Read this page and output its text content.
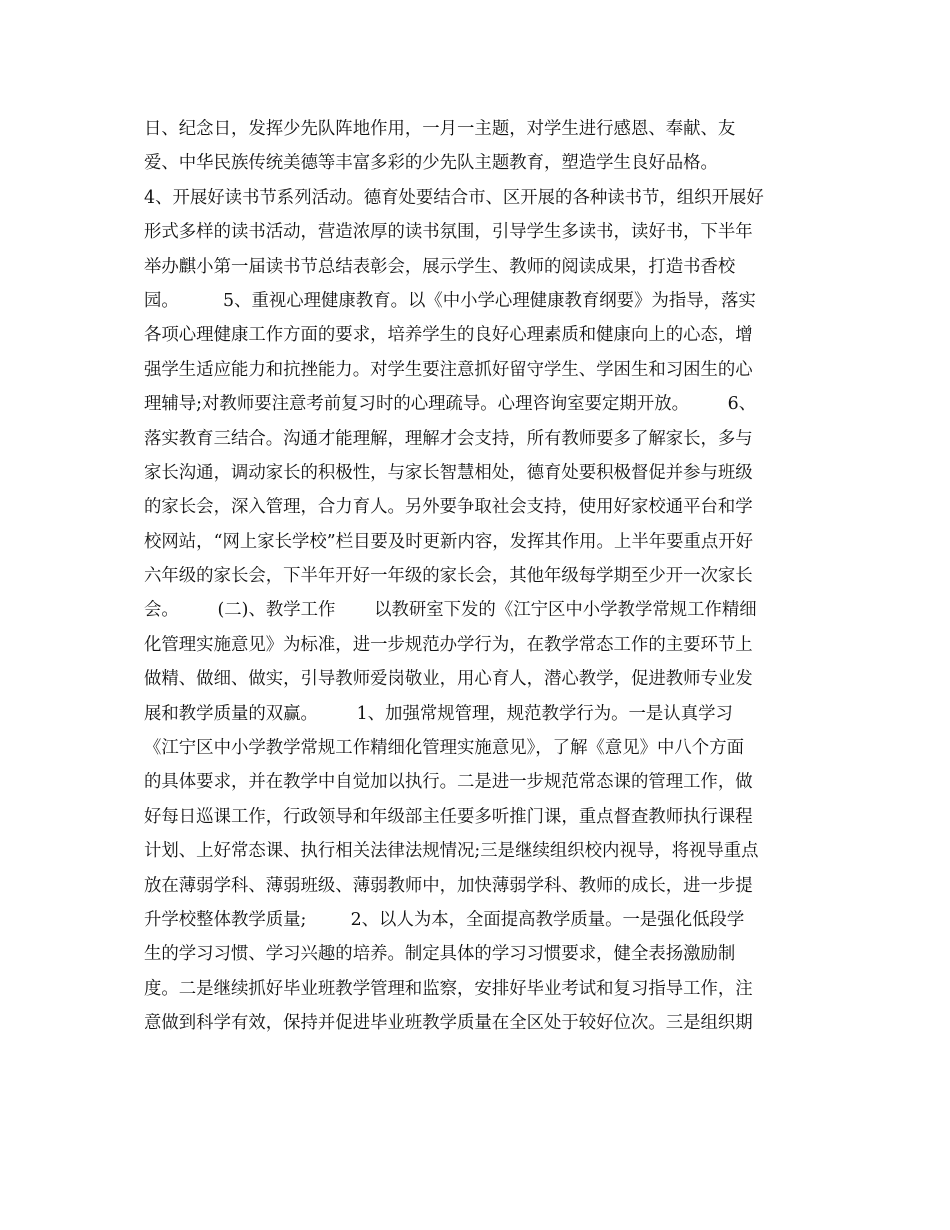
日、纪念日，发挥少先队阵地作用，一月一主题，对学生进行感恩、奉献、友
爱、中华民族传统美德等丰富多彩的少先队主题教育，塑造学生良好品格。
4、开展好读书节系列活动。德育处要结合市、区开展的各种读书节，组织开展好
形式多样的读书活动，营造浓厚的读书氛围，引导学生多读书，读好书，下半年
举办麒小第一届读书节总结表彰会，展示学生、教师的阅读成果，打造书香校
园。        5、重视心理健康教育。以《中小学心理健康教育纲要》为指导，落实
各项心理健康工作方面的要求，培养学生的良好心理素质和健康向上的心态，增
强学生适应能力和抗挫能力。对学生要注意抓好留守学生、学困生和习困生的心
理辅导;对教师要注意考前复习时的心理疏导。心理咨询室要定期开放。       6、
落实教育三结合。沟通才能理解，理解才会支持，所有教师要多了解家长，多与
家长沟通，调动家长的积极性，与家长智慧相处，德育处要积极督促并参与班级
的家长会，深入管理，合力育人。另外要争取社会支持，使用好家校通平台和学
校网站，“网上家长学校”栏目要及时更新内容，发挥其作用。上半年要重点开好
六年级的家长会，下半年开好一年级的家长会，其他年级每学期至少开一次家长
会。       (二)、教学工作       以教研室下发的《江宁区中小学教学常规工作精细
化管理实施意见》为标准，进一步规范办学行为，在教学常态工作的主要环节上
做精、做细、做实，引导教师爱岗敬业，用心育人，潜心教学，促进教师专业发
展和教学质量的双赢。       1、加强常规管理，规范教学行为。一是认真学习
《江宁区中小学教学常规工作精细化管理实施意见》，了解《意见》中八个方面
的具体要求，并在教学中自觉加以执行。二是进一步规范常态课的管理工作，做
好每日巡课工作，行政领导和年级部主任要多听推门课，重点督查教师执行课程
计划、上好常态课、执行相关法律法规情况;三是继续组织校内视导，将视导重点
放在薄弱学科、薄弱班级、薄弱教师中，加快薄弱学科、教师的成长，进一步提
升学校整体教学质量;        2、以人为本，全面提高教学质量。一是强化低段学
生的学习习惯、学习兴趣的培养。制定具体的学习习惯要求，健全表扬激励制
度。二是继续抓好毕业班教学管理和监察，安排好毕业考试和复习指导工作，注
意做到科学有效，保持并促进毕业班教学质量在全区处于较好位次。三是组织期
